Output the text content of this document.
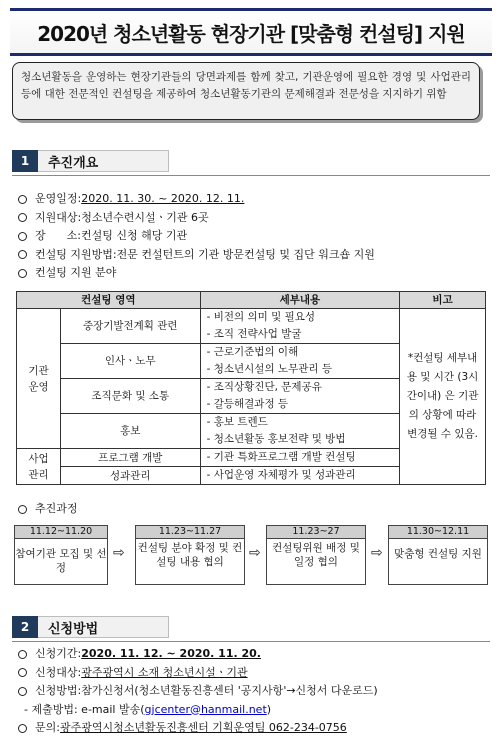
2020년 청소년활동 현장기관 [맞춤형 컨설팅] 지원
청소년활동을 운영하는 현장기관들의 당면과제를 함께 찾고, 기관운영에 필요한 경영 및 사업관리 등에 대한 전문적인 컨설팅을 제공하여 청소년활동기관의 문제해결과 전문성을 지지하기 위함
1	추진개요
운영일정 : 2020. 11. 30. ~ 2020. 12. 11.
지원대상 : 청소년수련시설ㆍ기관 6곳
장      소 : 컨설팅 신청 해당 기관
컨설팅 지원방법 : 전문 컨설턴트의 기관 방문컨설팅 및 집단 워크숍 지원
컨설팅 지원 분야
컨설팅 영역		세부내용	비고
기관 운영	중장기발전계획 관련	- 비전의 의미 및 필요성
- 조직 전략사업 발굴	*컨설팅 세부내용 및 시간 (3시간이내) 은 기관의 상황에 따라 변경될 수 있음.
	인사ㆍ노무	- 근로기준법의 이해
- 청소년시설의 노무관리 등	

	조직문화 및 소통	- 조직상황진단, 문제공유
- 갈등해결과정 등	

	홍보	- 홍보 트렌드
- 청소년활동 홍보전략 및 방법	

사업 관리	프로그램 개발	- 기관 특화프로그램 개발 컨설팅	
	성과관리	- 사업운영 자체평가 및 성과관리	
추진과정
11.12~11.20
참여기관 모집 및 선정
⇨
11.23~11.27
컨설팅 분야 확정 및 컨설팅 내용 협의
⇨
11.23~27
컨설팅위원 배정 및 일정 협의
⇨
11.30~12.11
맞춤형 컨설팅 지원
2	신청방법
신청기간 : 2020. 11. 12. ~ 2020. 11. 20.
신청대상 : 광주광역시 소재 청소년시설ㆍ기관
신청방법 : 참가신청서(청소년활동진흥센터 '공지사항'→신청서 다운로드)
- 제출방법: e-mail 발송( gjcenter@hanmail.net )
문의 : 광주광역시청소년활동진흥센터 기획운영팀 062-234-0756
